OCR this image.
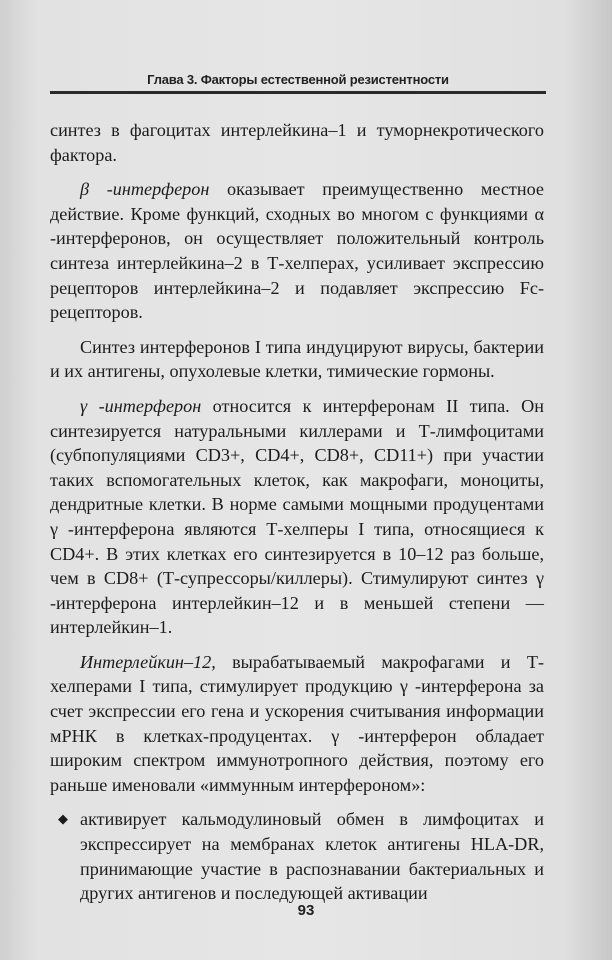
Глава 3. Факторы естественной резистентности

синтез в фагоцитах интерлейкина–1 и туморнекротического фактора.

β -интерферон оказывает преимущественно местное действие. Кроме функций, сходных во многом с функциями α -интерферонов, он осуществляет положительный контроль синтеза интерлейкина–2 в Т-хелперах, усиливает экспрессию рецепторов интерлейкина–2 и подавляет экспрессию Fc-рецепторов.

Синтез интерферонов I типа индуцируют вирусы, бактерии и их антигены, опухолевые клетки, тимические гормоны.

γ -интерферон относится к интерферонам II типа. Он синтезируется натуральными киллерами и Т-лимфоцитами (субпопуляциями CD3+, CD4+, CD8+, CD11+) при участии таких вспомогательных клеток, как макрофаги, моноциты, дендритные клетки. В норме самыми мощными продуцентами γ -интерферона являются Т-хелперы I типа, относящиеся к CD4+. В этих клетках его синтезируется в 10–12 раз больше, чем в CD8+ (Т-супрессоры/киллеры). Стимулируют синтез γ -интерферона интерлейкин–12 и в меньшей степени — интерлейкин–1.

Интерлейкин–12, вырабатываемый макрофагами и Т-хелперами I типа, стимулирует продукцию γ -интерферона за счет экспрессии его гена и ускорения считывания информации мРНК в клетках-продуцентах. γ -интерферон обладает широким спектром иммунотропного действия, поэтому его раньше именовали «иммунным интерфероном»:

◆ активирует кальмодулиновый обмен в лимфоцитах и экспрессирует на мембранах клеток антигены HLA-DR, принимающие участие в распознавании бактериальных и других антигенов и последующей активации
93
